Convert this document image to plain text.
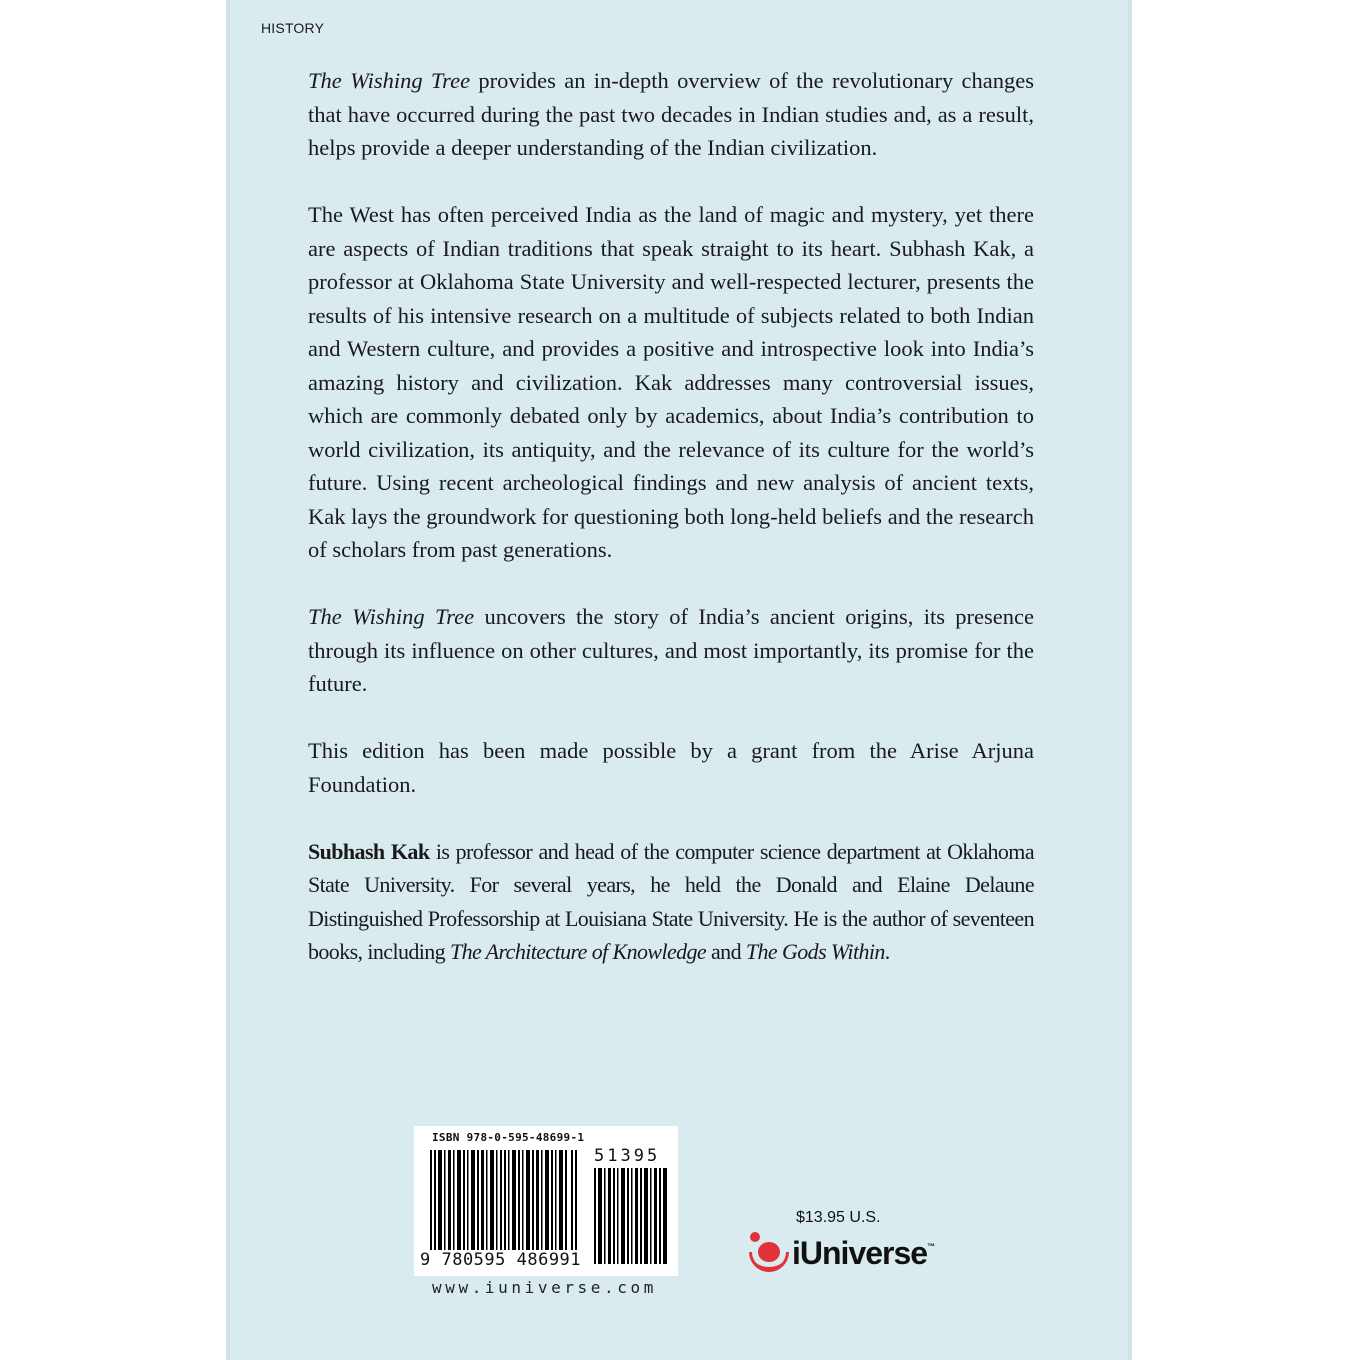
HISTORY

The Wishing Tree provides an in-depth overview of the revolutionary changes that have occurred during the past two decades in Indian studies and, as a result, helps provide a deeper understanding of the Indian civilization.

The West has often perceived India as the land of magic and mystery, yet there are aspects of Indian traditions that speak straight to its heart. Subhash Kak, a professor at Oklahoma State University and well-respected lecturer, presents the results of his intensive research on a multitude of subjects related to both Indian and Western culture, and provides a positive and introspective look into India’s amazing history and civilization. Kak addresses many controversial issues, which are commonly debated only by academics, about India’s contribution to world civilization, its antiquity, and the relevance of its culture for the world’s future. Using recent archeological findings and new analysis of ancient texts, Kak lays the groundwork for questioning both long-held beliefs and the research of scholars from past generations.

The Wishing Tree uncovers the story of India’s ancient origins, its presence through its influence on other cultures, and most importantly, its promise for the future.

This edition has been made possible by a grant from the Arise Arjuna Foundation.

Subhash Kak is professor and head of the computer science department at Oklahoma State University. For several years, he held the Donald and Elaine Delaune Distinguished Professorship at Louisiana State University. He is the author of seventeen books, including The Architecture of Knowledge and The Gods Within.

ISBN 978-0-595-48699-1
9 780595 486991
51395
www.iuniverse.com
$13.95 U.S.
iUniverse ™
